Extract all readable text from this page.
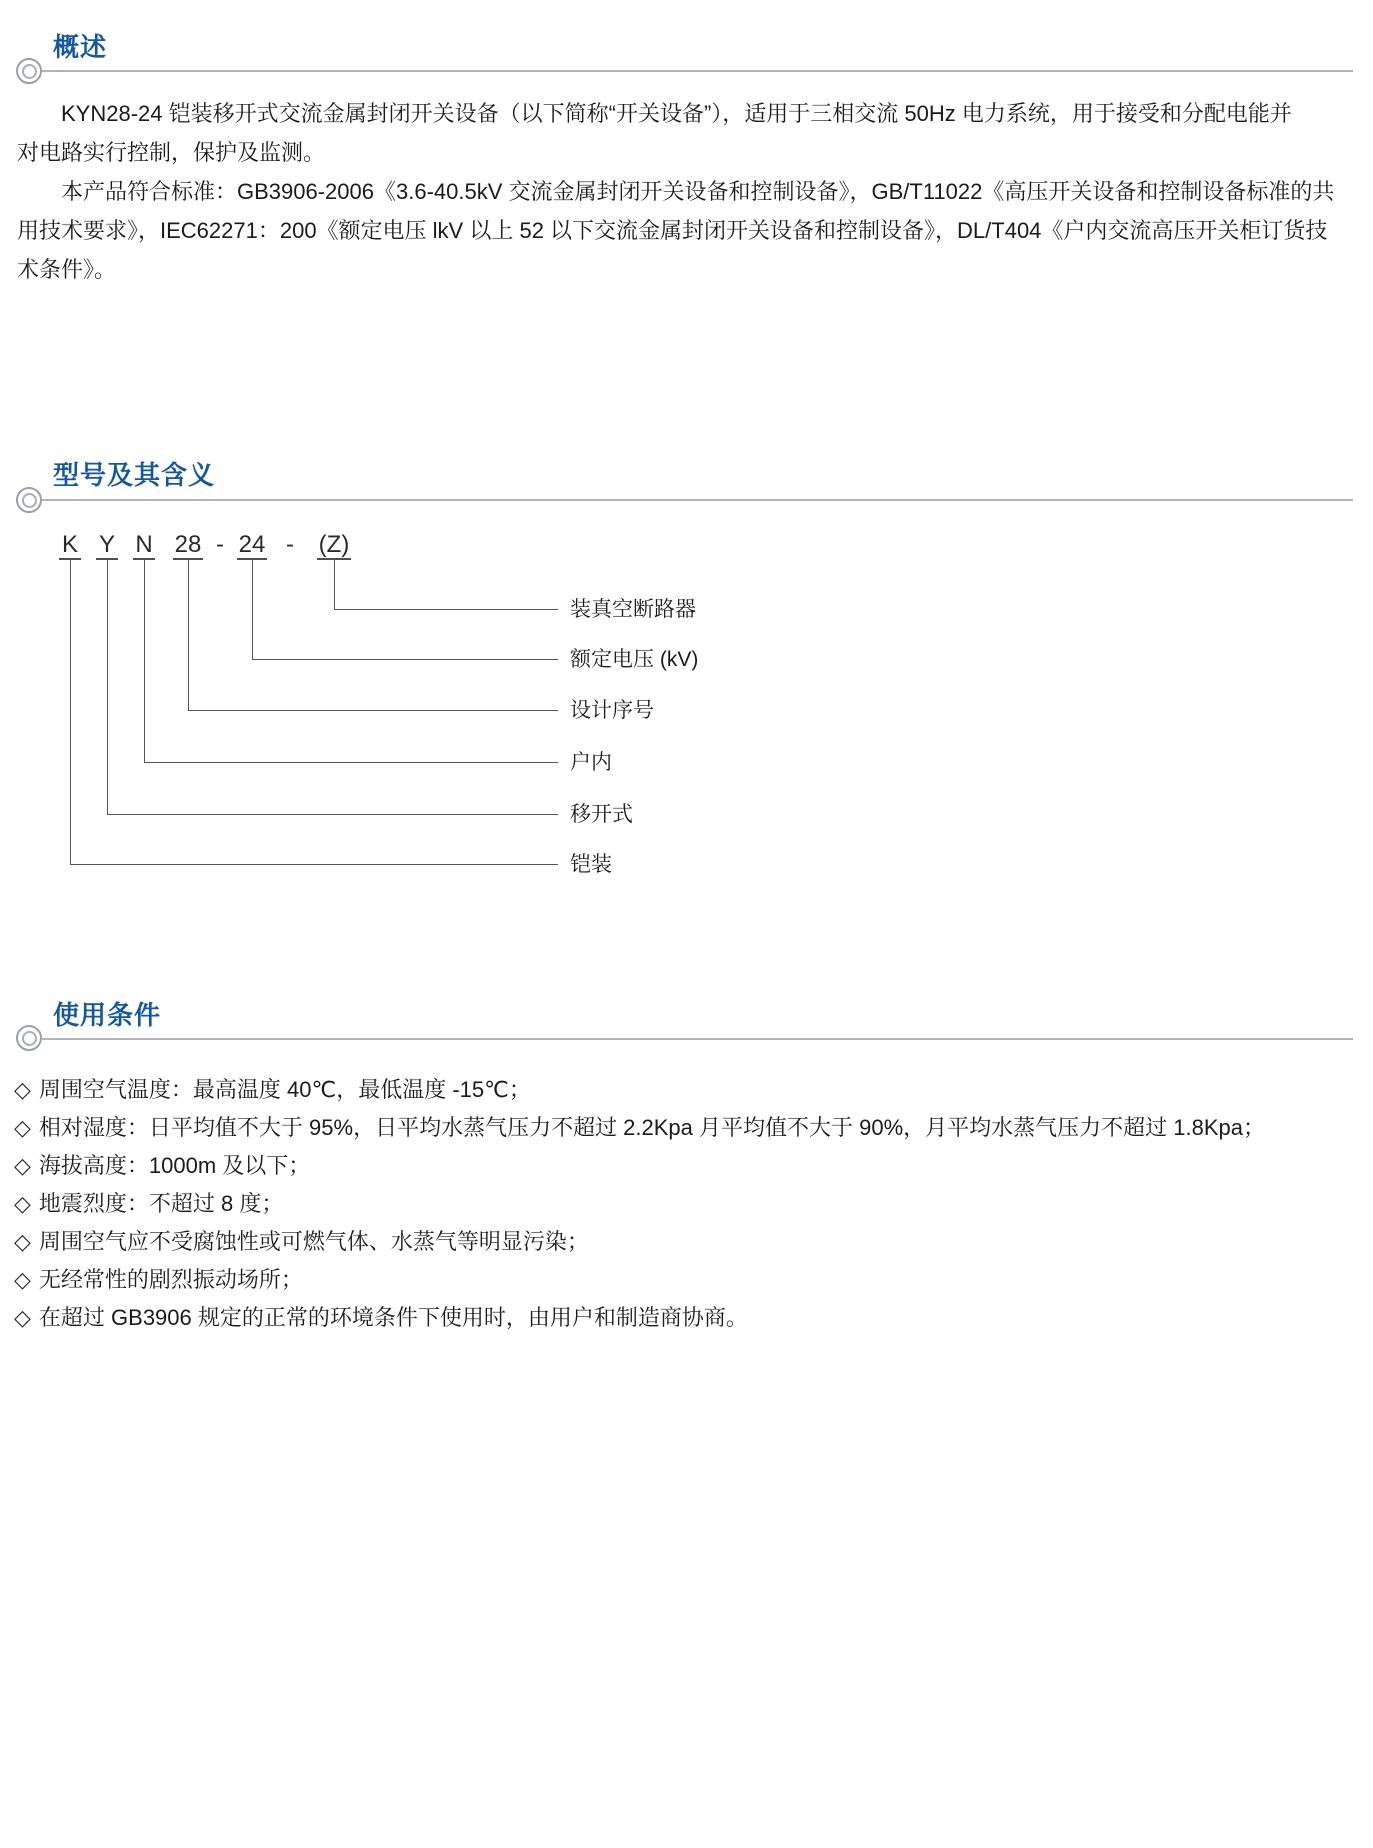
概述
KYN28-24 铠装移开式交流金属封闭开关设备（以下简称“开关设备”），适用于三相交流 50Hz 电力系统，用于接受和分配电能并
对电路实行控制，保护及监测。
本产品符合标准：GB3906-2006《3.6-40.5kV 交流金属封闭开关设备和控制设备》，GB/T11022《高压开关设备和控制设备标准的共
用技术要求》，IEC62271：200《额定电压 lkV 以上 52 以下交流金属封闭开关设备和控制设备》，DL/T404《户内交流高压开关柜订货技
术条件》。
型号及其含义
K Y N 28 - 24 -	(Z)
装真空断路器
额定电压 (kV)
设计序号
户内
移开式
铠装
使用条件
◇ 周围空气温度：最高温度 40℃，最低温度 -15℃；
◇ 相对湿度：日平均值不大于 95%，日平均水蒸气压力不超过 2.2Kpa 月平均值不大于 90%，月平均水蒸气压力不超过 1.8Kpa；
◇ 海拔高度：1000m 及以下；
◇ 地震烈度：不超过 8 度；
◇ 周围空气应不受腐蚀性或可燃气体、水蒸气等明显污染；
◇ 无经常性的剧烈振动场所；
◇ 在超过 GB3906 规定的正常的环境条件下使用时，由用户和制造商协商。
